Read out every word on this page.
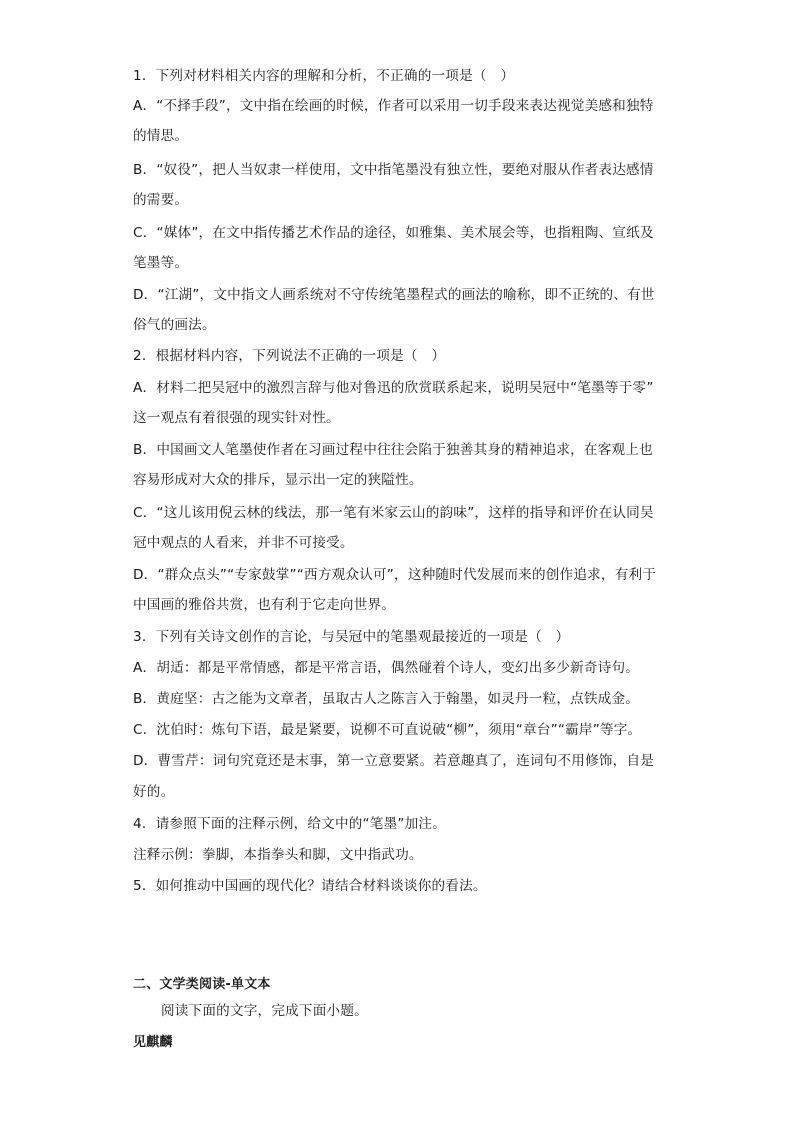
1．下列对材料相关内容的理解和分析，不正确的一项是（　）
A．“不择手段”，文中指在绘画的时候，作者可以采用一切手段来表达视觉美感和独特
的情思。
B．“奴役”，把人当奴隶一样使用，文中指笔墨没有独立性，要绝对服从作者表达感情
的需要。
C．“媒体”，在文中指传播艺术作品的途径，如雅集、美术展会等，也指粗陶、宣纸及
笔墨等。
D．“江湖”，文中指文人画系统对不守传统笔墨程式的画法的喻称，即不正统的、有世
俗气的画法。
2．根据材料内容，下列说法不正确的一项是（　）
A．材料二把吴冠中的激烈言辞与他对鲁迅的欣赏联系起来，说明吴冠中“笔墨等于零”
这一观点有着很强的现实针对性。
B．中国画文人笔墨使作者在习画过程中往往会陷于独善其身的精神追求，在客观上也
容易形成对大众的排斥，显示出一定的狭隘性。
C．“这儿该用倪云林的线法，那一笔有米家云山的韵味”，这样的指导和评价在认同吴
冠中观点的人看来，并非不可接受。
D．“群众点头”“专家鼓掌”“西方观众认可”，这种随时代发展而来的创作追求，有利于
中国画的雅俗共赏，也有利于它走向世界。
3．下列有关诗文创作的言论，与吴冠中的笔墨观最接近的一项是（　）
A．胡适：都是平常情感，都是平常言语，偶然碰着个诗人，变幻出多少新奇诗句。
B．黄庭坚：古之能为文章者，虽取古人之陈言入于翰墨，如灵丹一粒，点铁成金。
C．沈伯时：炼句下语，最是紧要，说柳不可直说破“柳”，须用“章台”“霸岸”等字。
D．曹雪芹：词句究竟还是末事，第一立意要紧。若意趣真了，连词句不用修饰，自是
好的。
4．请参照下面的注释示例，给文中的“笔墨”加注。
注释示例：拳脚，本指拳头和脚，文中指武功。
5．如何推动中国画的现代化？请结合材料谈谈你的看法。
二、文学类阅读-单文本
阅读下面的文字，完成下面小题。
见麒麟
